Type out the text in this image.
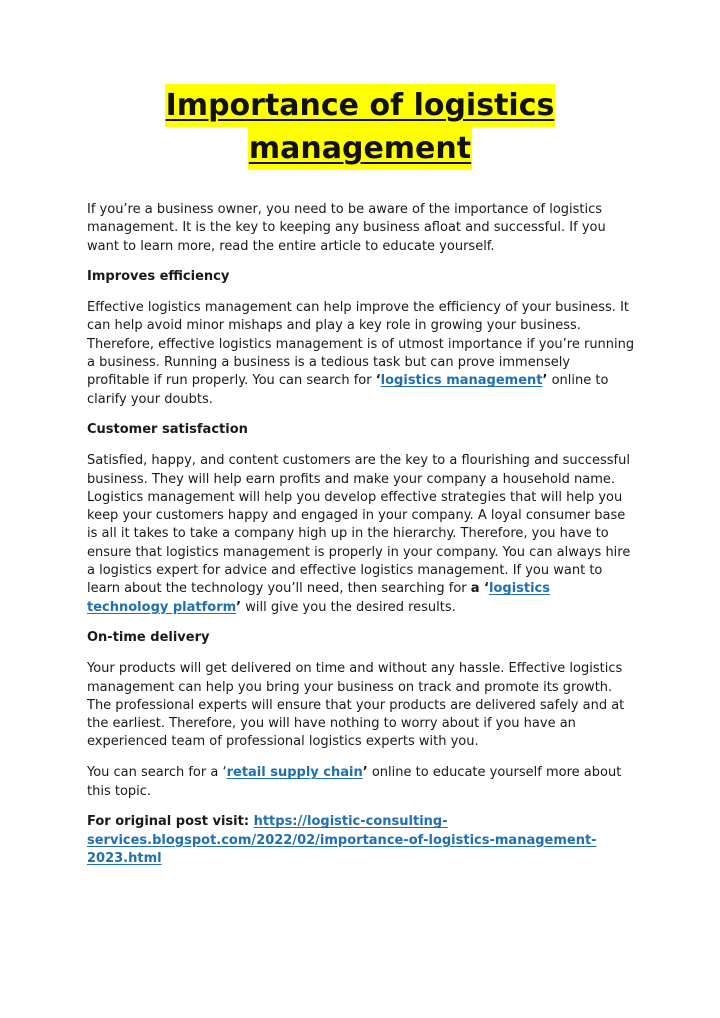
Importance of logistics
management

If you’re a business owner, you need to be aware of the importance of logistics management. It is the key to keeping any business afloat and successful. If you want to learn more, read the entire article to educate yourself.

Improves efficiency

Effective logistics management can help improve the efficiency of your business. It can help avoid minor mishaps and play a key role in growing your business. Therefore, effective logistics management is of utmost importance if you’re running a business. Running a business is a tedious task but can prove immensely profitable if run properly. You can search for ‘logistics management’ online to clarify your doubts.

Customer satisfaction

Satisfied, happy, and content customers are the key to a flourishing and successful business. They will help earn profits and make your company a household name. Logistics management will help you develop effective strategies that will help you keep your customers happy and engaged in your company. A loyal consumer base is all it takes to take a company high up in the hierarchy. Therefore, you have to ensure that logistics management is properly in your company. You can always hire a logistics expert for advice and effective logistics management. If you want to learn about the technology you’ll need, then searching for a ‘logistics technology platform’ will give you the desired results.

On-time delivery

Your products will get delivered on time and without any hassle. Effective logistics management can help you bring your business on track and promote its growth. The professional experts will ensure that your products are delivered safely and at the earliest. Therefore, you will have nothing to worry about if you have an experienced team of professional logistics experts with you.

You can search for a ‘retail supply chain’ online to educate yourself more about this topic.

For original post visit: https://logistic-consulting-services.blogspot.com/2022/02/importance-of-logistics-management-2023.html
